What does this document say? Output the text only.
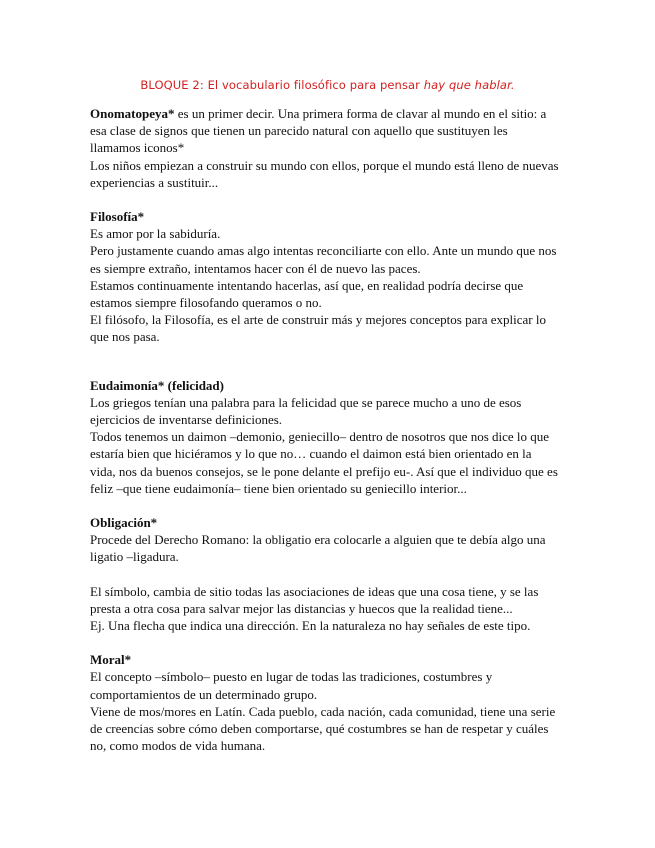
BLOQUE 2: El vocabulario filosófico para pensar hay que hablar.

Onomatopeya* es un primer decir. Una primera forma de clavar al mundo en el sitio: a esa clase de signos que tienen un parecido natural con aquello que sustituyen les llamamos iconos*

Los niños empiezan a construir su mundo con ellos, porque el mundo está lleno de nuevas experiencias a sustituir...

Filosofía*

Es amor por la sabiduría.

Pero justamente cuando amas algo intentas reconciliarte con ello. Ante un mundo que nos es siempre extraño, intentamos hacer con él de nuevo las paces.

Estamos continuamente intentando hacerlas, así que, en realidad podría decirse que estamos siempre filosofando queramos o no.

El filósofo, la Filosofía, es el arte de construir más y mejores conceptos para explicar lo que nos pasa.

Eudaimonía* (felicidad)

Los griegos tenían una palabra para la felicidad que se parece mucho a uno de esos ejercicios de inventarse definiciones.

Todos tenemos un daimon –demonio, geniecillo– dentro de nosotros que nos dice lo que estaría bien que hiciéramos y lo que no… cuando el daimon está bien orientado en la vida, nos da buenos consejos, se le pone delante el prefijo eu-. Así que el individuo que es feliz –que tiene eudaimonía– tiene bien orientado su geniecillo interior...

Obligación*

Procede del Derecho Romano: la obligatio era colocarle a alguien que te debía algo una ligatio –ligadura.

El símbolo, cambia de sitio todas las asociaciones de ideas que una cosa tiene, y se las presta a otra cosa para salvar mejor las distancias y huecos que la realidad tiene...

Ej. Una flecha que indica una dirección. En la naturaleza no hay señales de este tipo.

Moral*

El concepto –símbolo– puesto en lugar de todas las tradiciones, costumbres y comportamientos de un determinado grupo.

Viene de mos/mores en Latín. Cada pueblo, cada nación, cada comunidad, tiene una serie de creencias sobre cómo deben comportarse, qué costumbres se han de respetar y cuáles no, como modos de vida humana.
